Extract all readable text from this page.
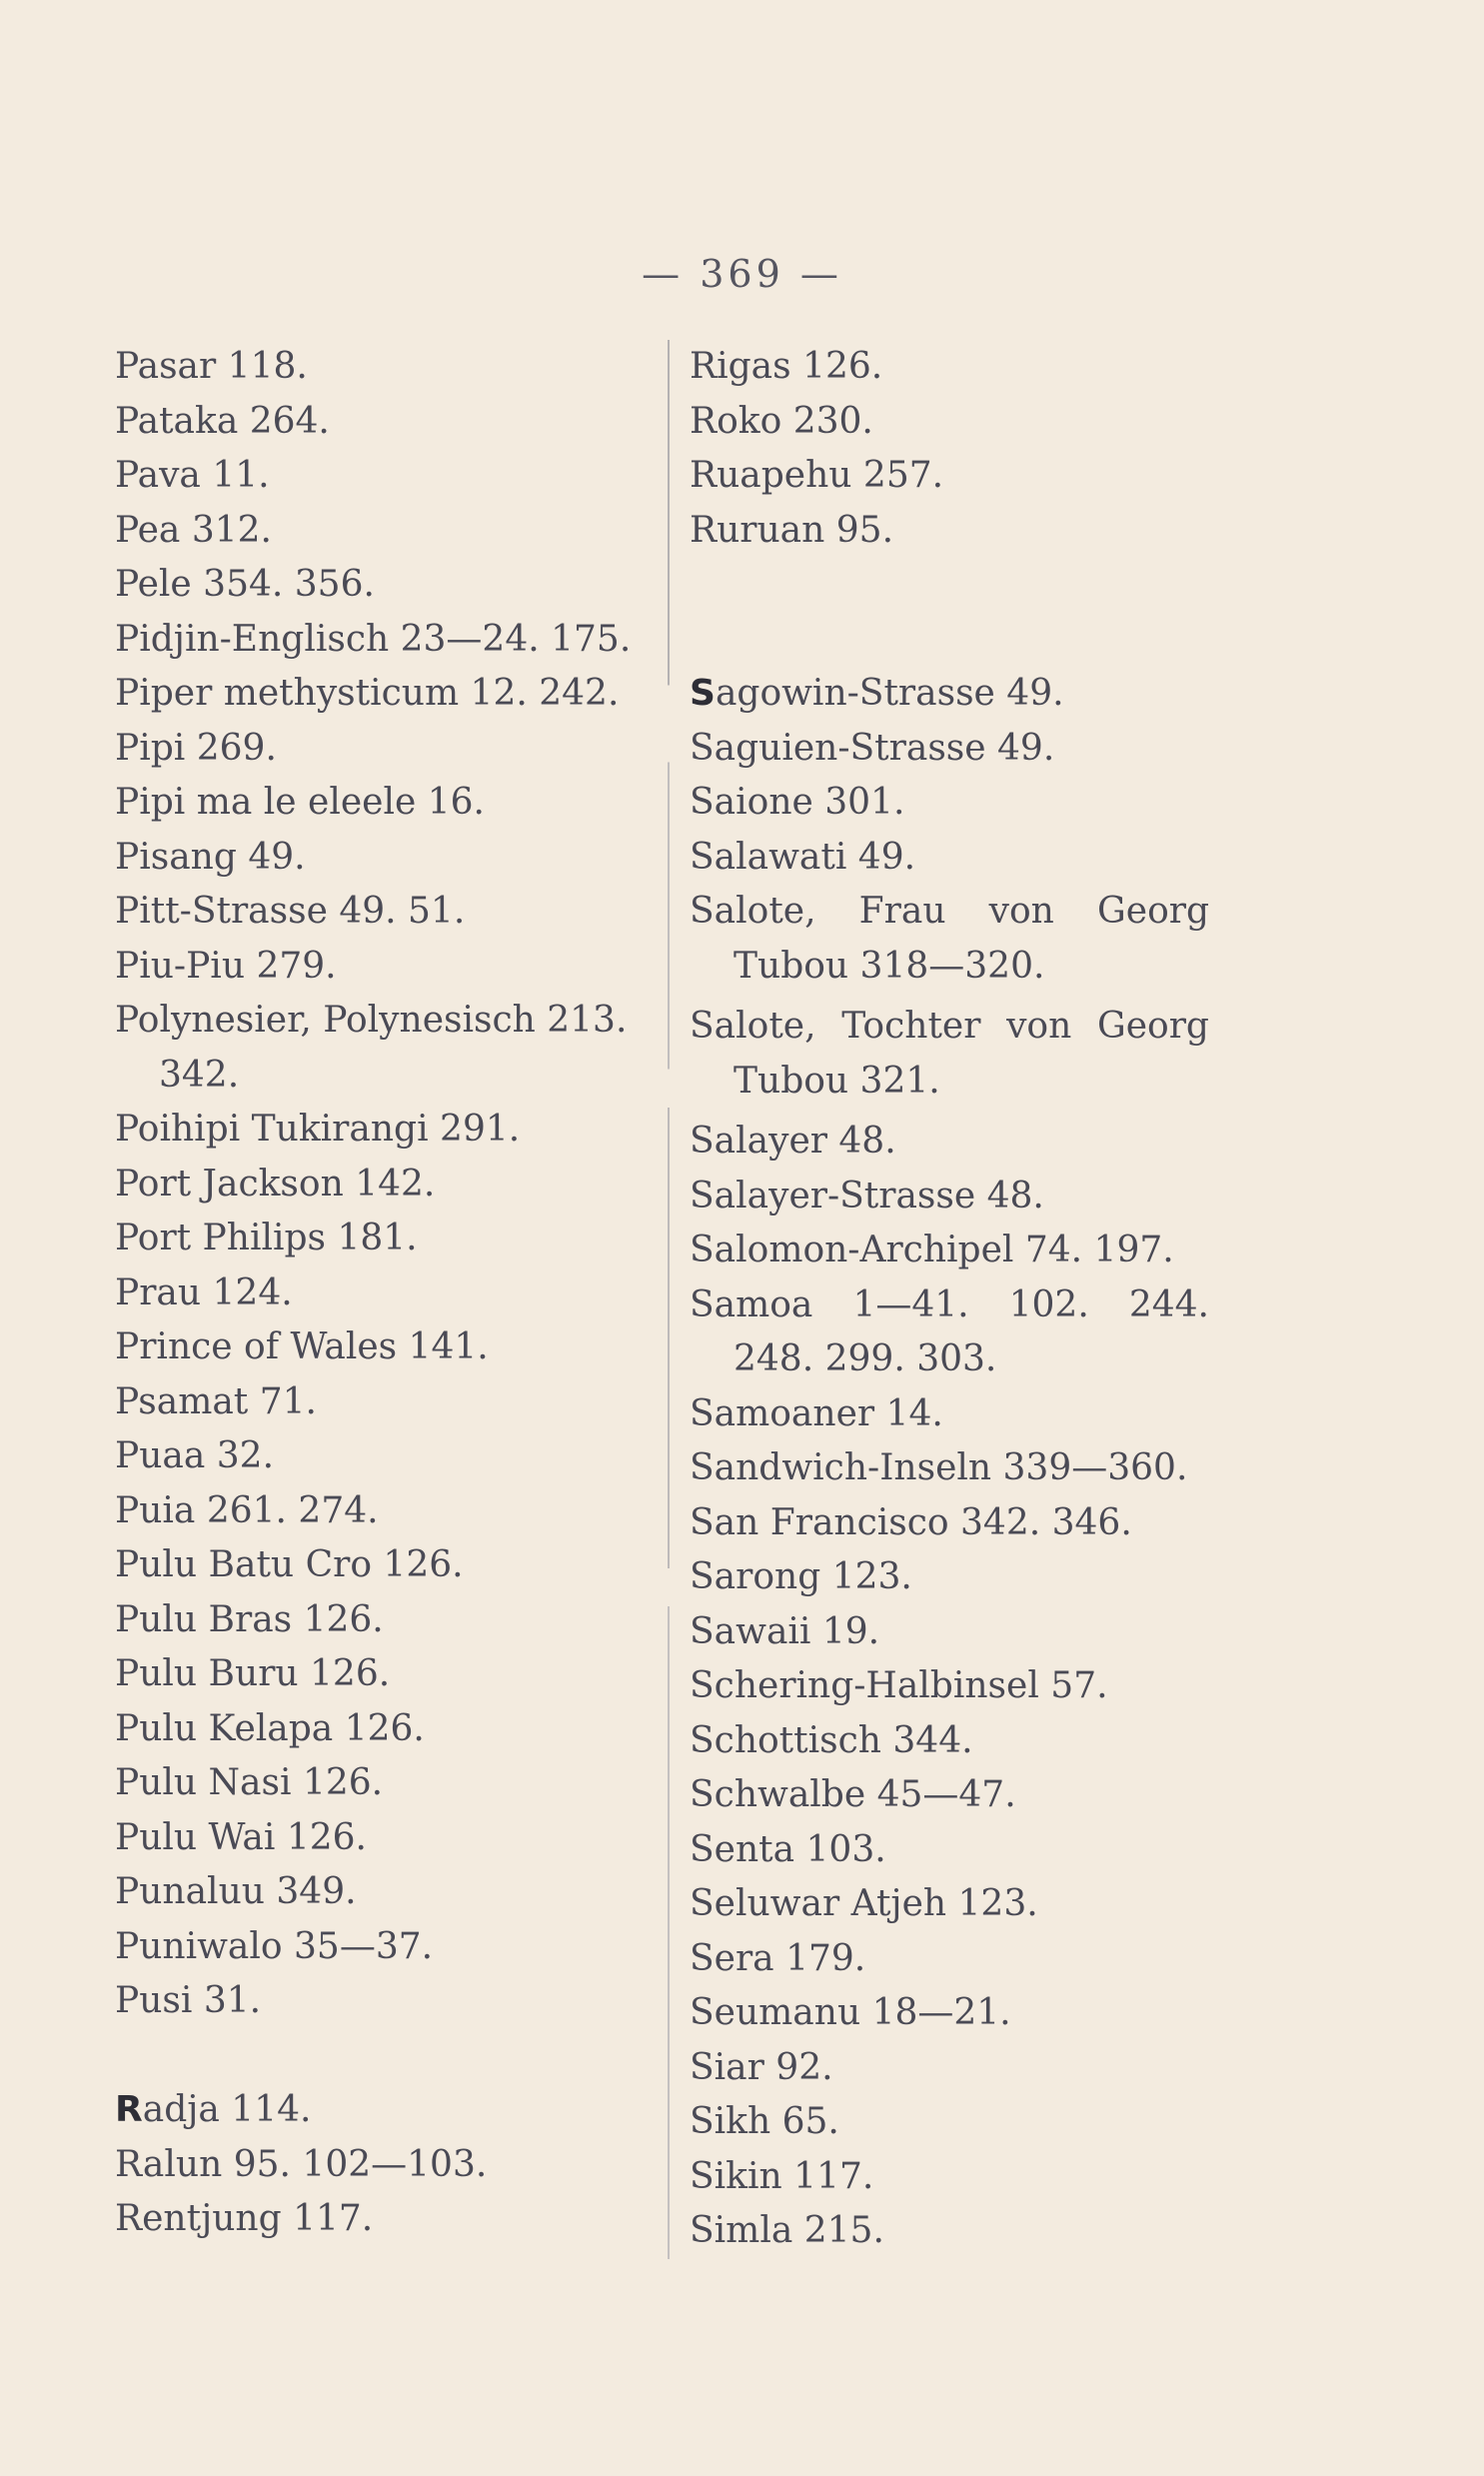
— 369 —
Pasar 118.
Pataka 264.
Pava 11.
Pea 312.
Pele 354. 356.
Pidjin-Englisch 23—24. 175.
Piper methysticum 12. 242.
Pipi 269.
Pipi ma le eleele 16.
Pisang 49.
Pitt-Strasse 49. 51.
Piu-Piu 279.
Polynesier, Polynesisch 213.
342.
Poihipi Tukirangi 291.
Port Jackson 142.
Port Philips 181.
Prau 124.
Prince of Wales 141.
Psamat 71.
Puaa 32.
Puia 261. 274.
Pulu Batu Cro 126.
Pulu Bras 126.
Pulu Buru 126.
Pulu Kelapa 126.
Pulu Nasi 126.
Pulu Wai 126.
Punaluu 349.
Puniwalo 35—37.
Pusi 31.
Radja 114.
Ralun 95. 102—103.
Rentjung 117.
Rigas 126.
Roko 230.
Ruapehu 257.
Ruruan 95.
Sagowin-Strasse 49.
Saguien-Strasse 49.
Saione 301.
Salawati 49.
Salote, Frau von Georg
Tubou 318—320.
Salote, Tochter von Georg
Tubou 321.
Salayer 48.
Salayer-Strasse 48.
Salomon-Archipel 74. 197.
Samoa 1—41. 102. 244.
248. 299. 303.
Samoaner 14.
Sandwich-Inseln 339—360.
San Francisco 342. 346.
Sarong 123.
Sawaii 19.
Schering-Halbinsel 57.
Schottisch 344.
Schwalbe 45—47.
Senta 103.
Seluwar Atjeh 123.
Sera 179.
Seumanu 18—21.
Siar 92.
Sikh 65.
Sikin 117.
Simla 215.
